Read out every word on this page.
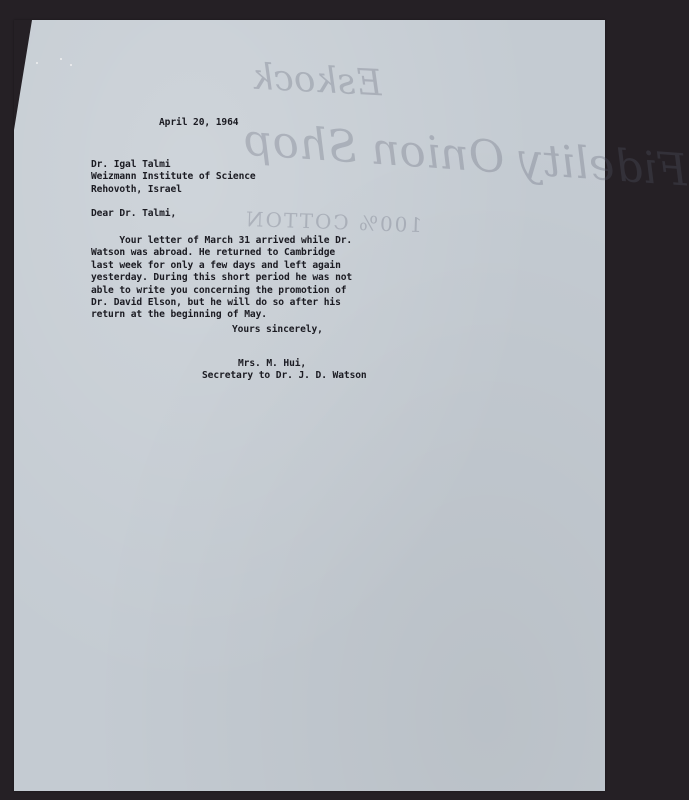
Eskock
Fidelity Onion Shop
100% COTTON
April 20, 1964
Dr. Igal Talmi
Weizmann Institute of Science
Rehovoth, Israel
Dear Dr. Talmi,
Your letter of March 31 arrived while Dr.
Watson was abroad. He returned to Cambridge
last week for only a few days and left again
yesterday. During this short period he was not
able to write you concerning the promotion of
Dr. David Elson, but he will do so after his
return at the beginning of May.
Yours sincerely,
Mrs. M. Hui,
Secretary to Dr. J. D. Watson
